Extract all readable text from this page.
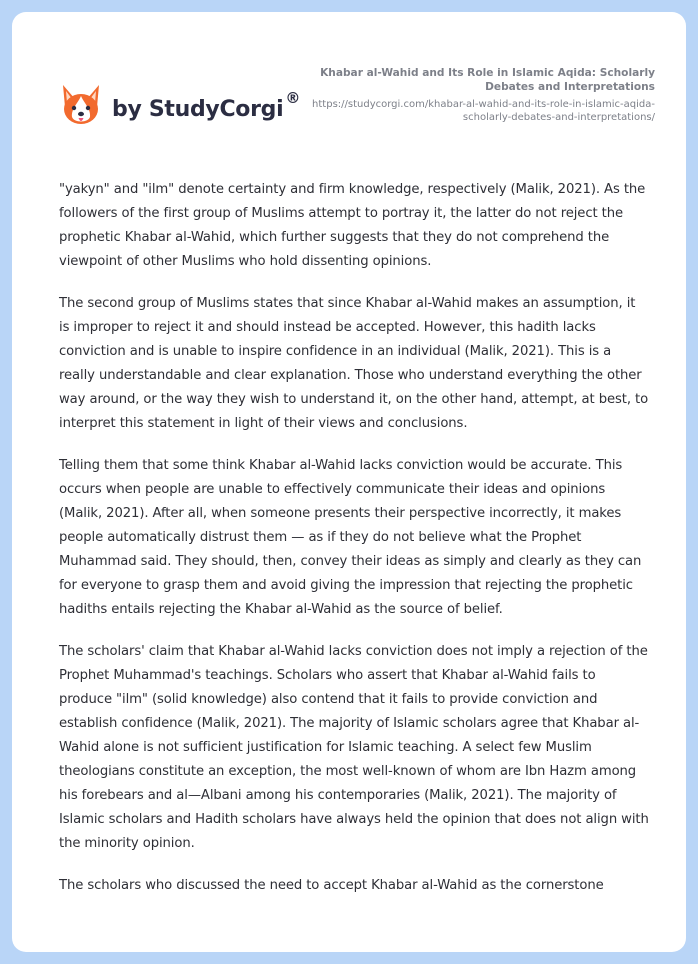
by StudyCorgi ®
Khabar al-Wahid and Its Role in Islamic Aqida: Scholarly Debates and Interpretations
https://studycorgi.com/khabar-al-wahid-and-its-role-in-islamic-aqida-scholarly-debates-and-interpretations/

"yakyn" and "ilm" denote certainty and firm knowledge, respectively (Malik, 2021). As the followers of the first group of Muslims attempt to portray it, the latter do not reject the prophetic Khabar al-Wahid, which further suggests that they do not comprehend the viewpoint of other Muslims who hold dissenting opinions.

The second group of Muslims states that since Khabar al-Wahid makes an assumption, it is improper to reject it and should instead be accepted. However, this hadith lacks conviction and is unable to inspire confidence in an individual (Malik, 2021). This is a really understandable and clear explanation. Those who understand everything the other way around, or the way they wish to understand it, on the other hand, attempt, at best, to interpret this statement in light of their views and conclusions.

Telling them that some think Khabar al-Wahid lacks conviction would be accurate. This occurs when people are unable to effectively communicate their ideas and opinions (Malik, 2021). After all, when someone presents their perspective incorrectly, it makes people automatically distrust them — as if they do not believe what the Prophet Muhammad said. They should, then, convey their ideas as simply and clearly as they can for everyone to grasp them and avoid giving the impression that rejecting the prophetic hadiths entails rejecting the Khabar al-Wahid as the source of belief.

The scholars' claim that Khabar al-Wahid lacks conviction does not imply a rejection of the Prophet Muhammad's teachings. Scholars who assert that Khabar al-Wahid fails to produce "ilm" (solid knowledge) also contend that it fails to provide conviction and establish confidence (Malik, 2021). The majority of Islamic scholars agree that Khabar al-Wahid alone is not sufficient justification for Islamic teaching. A select few Muslim theologians constitute an exception, the most well-known of whom are Ibn Hazm among his forebears and al—Albani among his contemporaries (Malik, 2021). The majority of Islamic scholars and Hadith scholars have always held the opinion that does not align with the minority opinion.

The scholars who discussed the need to accept Khabar al-Wahid as the cornerstone
